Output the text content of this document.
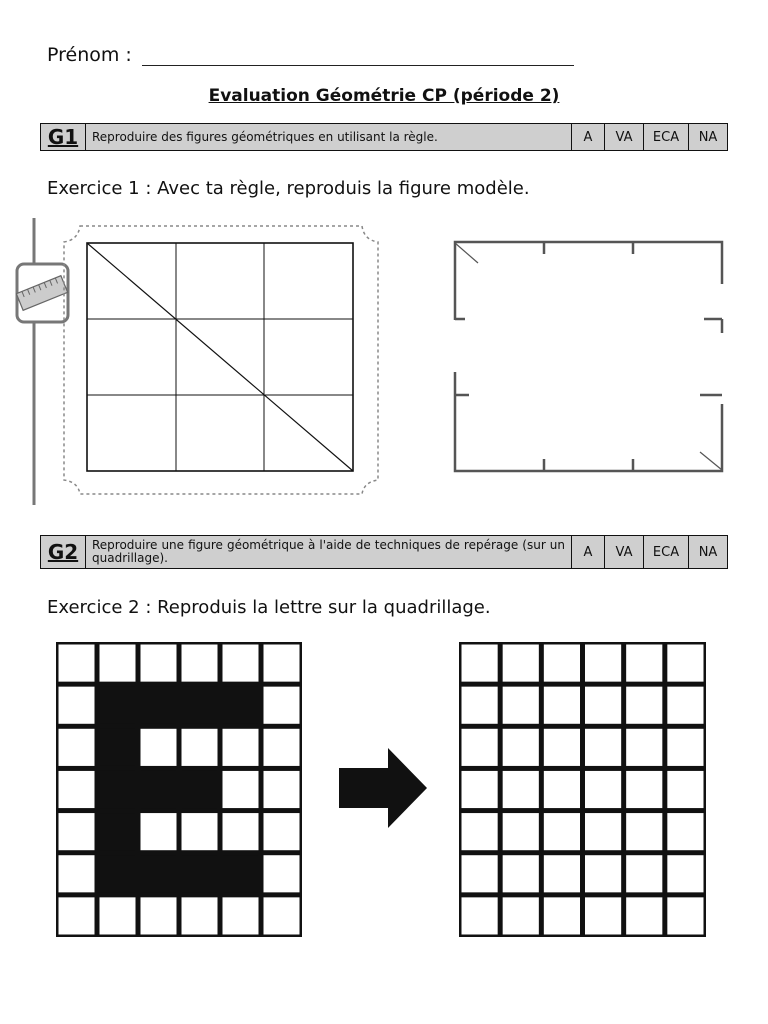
Prénom :
Evaluation Géométrie CP (période 2)
G1	Reproduire des figures géométriques en utilisant la règle.	A	VA	ECA	NA
Exercice 1 : Avec ta règle, reproduis la figure modèle.
G2	Reproduire une figure géométrique à l'aide de techniques de repérage (sur un quadrillage).	A	VA	ECA	NA
Exercice 2 : Reproduis la lettre sur la quadrillage.
